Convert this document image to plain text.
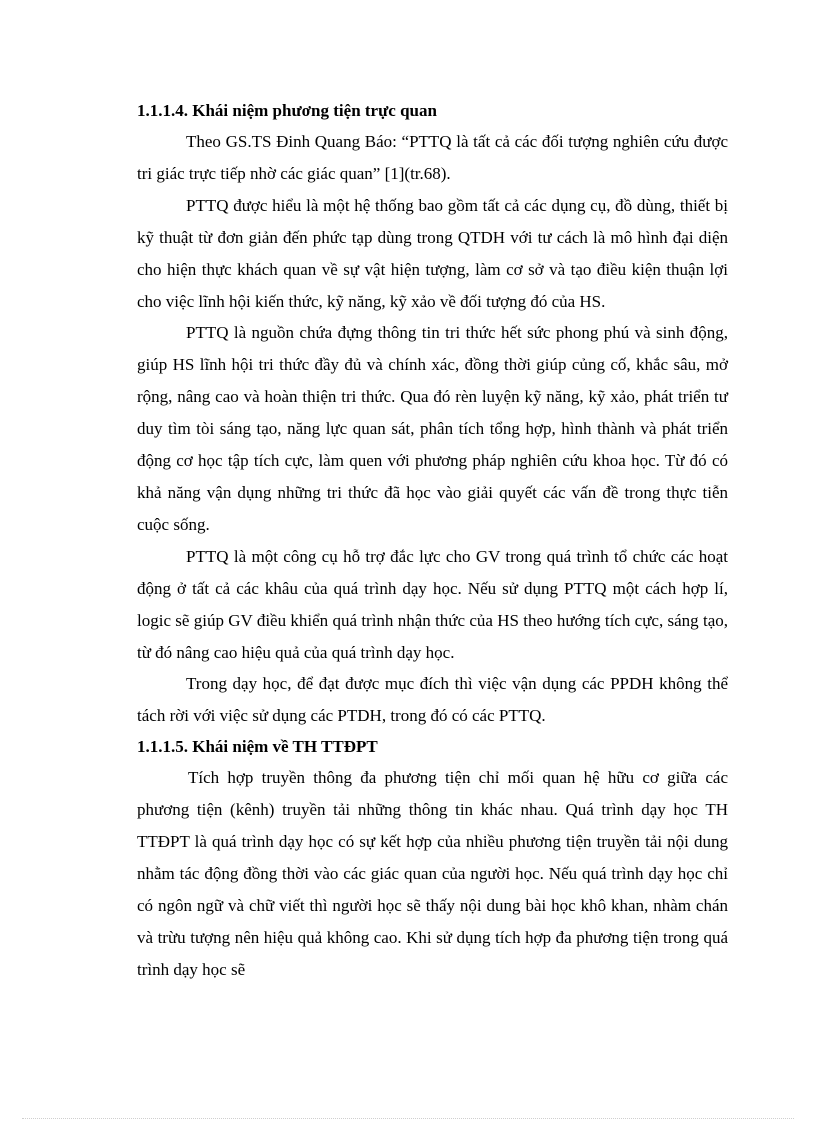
1.1.1.4. Khái niệm phương tiện trực quan

Theo GS.TS Đinh Quang Báo: “PTTQ là tất cả các đối tượng nghiên cứu được tri giác trực tiếp nhờ các giác quan” [1](tr.68).

PTTQ được hiểu là một hệ thống bao gồm tất cả các dụng cụ, đồ dùng, thiết bị kỹ thuật từ đơn giản đến phức tạp dùng trong QTDH với tư cách là mô hình đại diện cho hiện thực khách quan về sự vật hiện tượng, làm cơ sở và tạo điều kiện thuận lợi cho việc lĩnh hội kiến thức, kỹ năng, kỹ xảo về đối tượng đó của HS.

PTTQ là nguồn chứa đựng thông tin tri thức hết sức phong phú và sinh động, giúp HS lĩnh hội tri thức đầy đủ và chính xác, đồng thời giúp củng cố, khắc sâu, mở rộng, nâng cao và hoàn thiện tri thức. Qua đó rèn luyện kỹ năng, kỹ xảo, phát triển tư duy tìm tòi sáng tạo, năng lực quan sát, phân tích tổng hợp, hình thành và phát triển động cơ học tập tích cực, làm quen với phương pháp nghiên cứu khoa học. Từ đó có khả năng vận dụng những tri thức đã học vào giải quyết các vấn đề trong thực tiễn cuộc sống.

PTTQ là một công cụ hỗ trợ đắc lực cho GV trong quá trình tổ chức các hoạt động ở tất cả các khâu của quá trình dạy học. Nếu sử dụng PTTQ một cách hợp lí, logic sẽ giúp GV điều khiển quá trình nhận thức của HS theo hướng tích cực, sáng tạo, từ đó nâng cao hiệu quả của quá trình dạy học.

Trong dạy học, để đạt được mục đích thì việc vận dụng các PPDH không thể tách rời với việc sử dụng các PTDH, trong đó có các PTTQ.

1.1.1.5. Khái niệm về TH TTĐPT

Tích hợp truyền thông đa phương tiện chỉ mối quan hệ hữu cơ giữa các phương tiện (kênh) truyền tải những thông tin khác nhau. Quá trình dạy học TH TTĐPT là quá trình dạy học có sự kết hợp của nhiều phương tiện truyền tải nội dung nhằm tác động đồng thời vào các giác quan của người học. Nếu quá trình dạy học chỉ có ngôn ngữ và chữ viết thì người học sẽ thấy nội dung bài học khô khan, nhàm chán và trừu tượng nên hiệu quả không cao. Khi sử dụng tích hợp đa phương tiện trong quá trình dạy học sẽ
